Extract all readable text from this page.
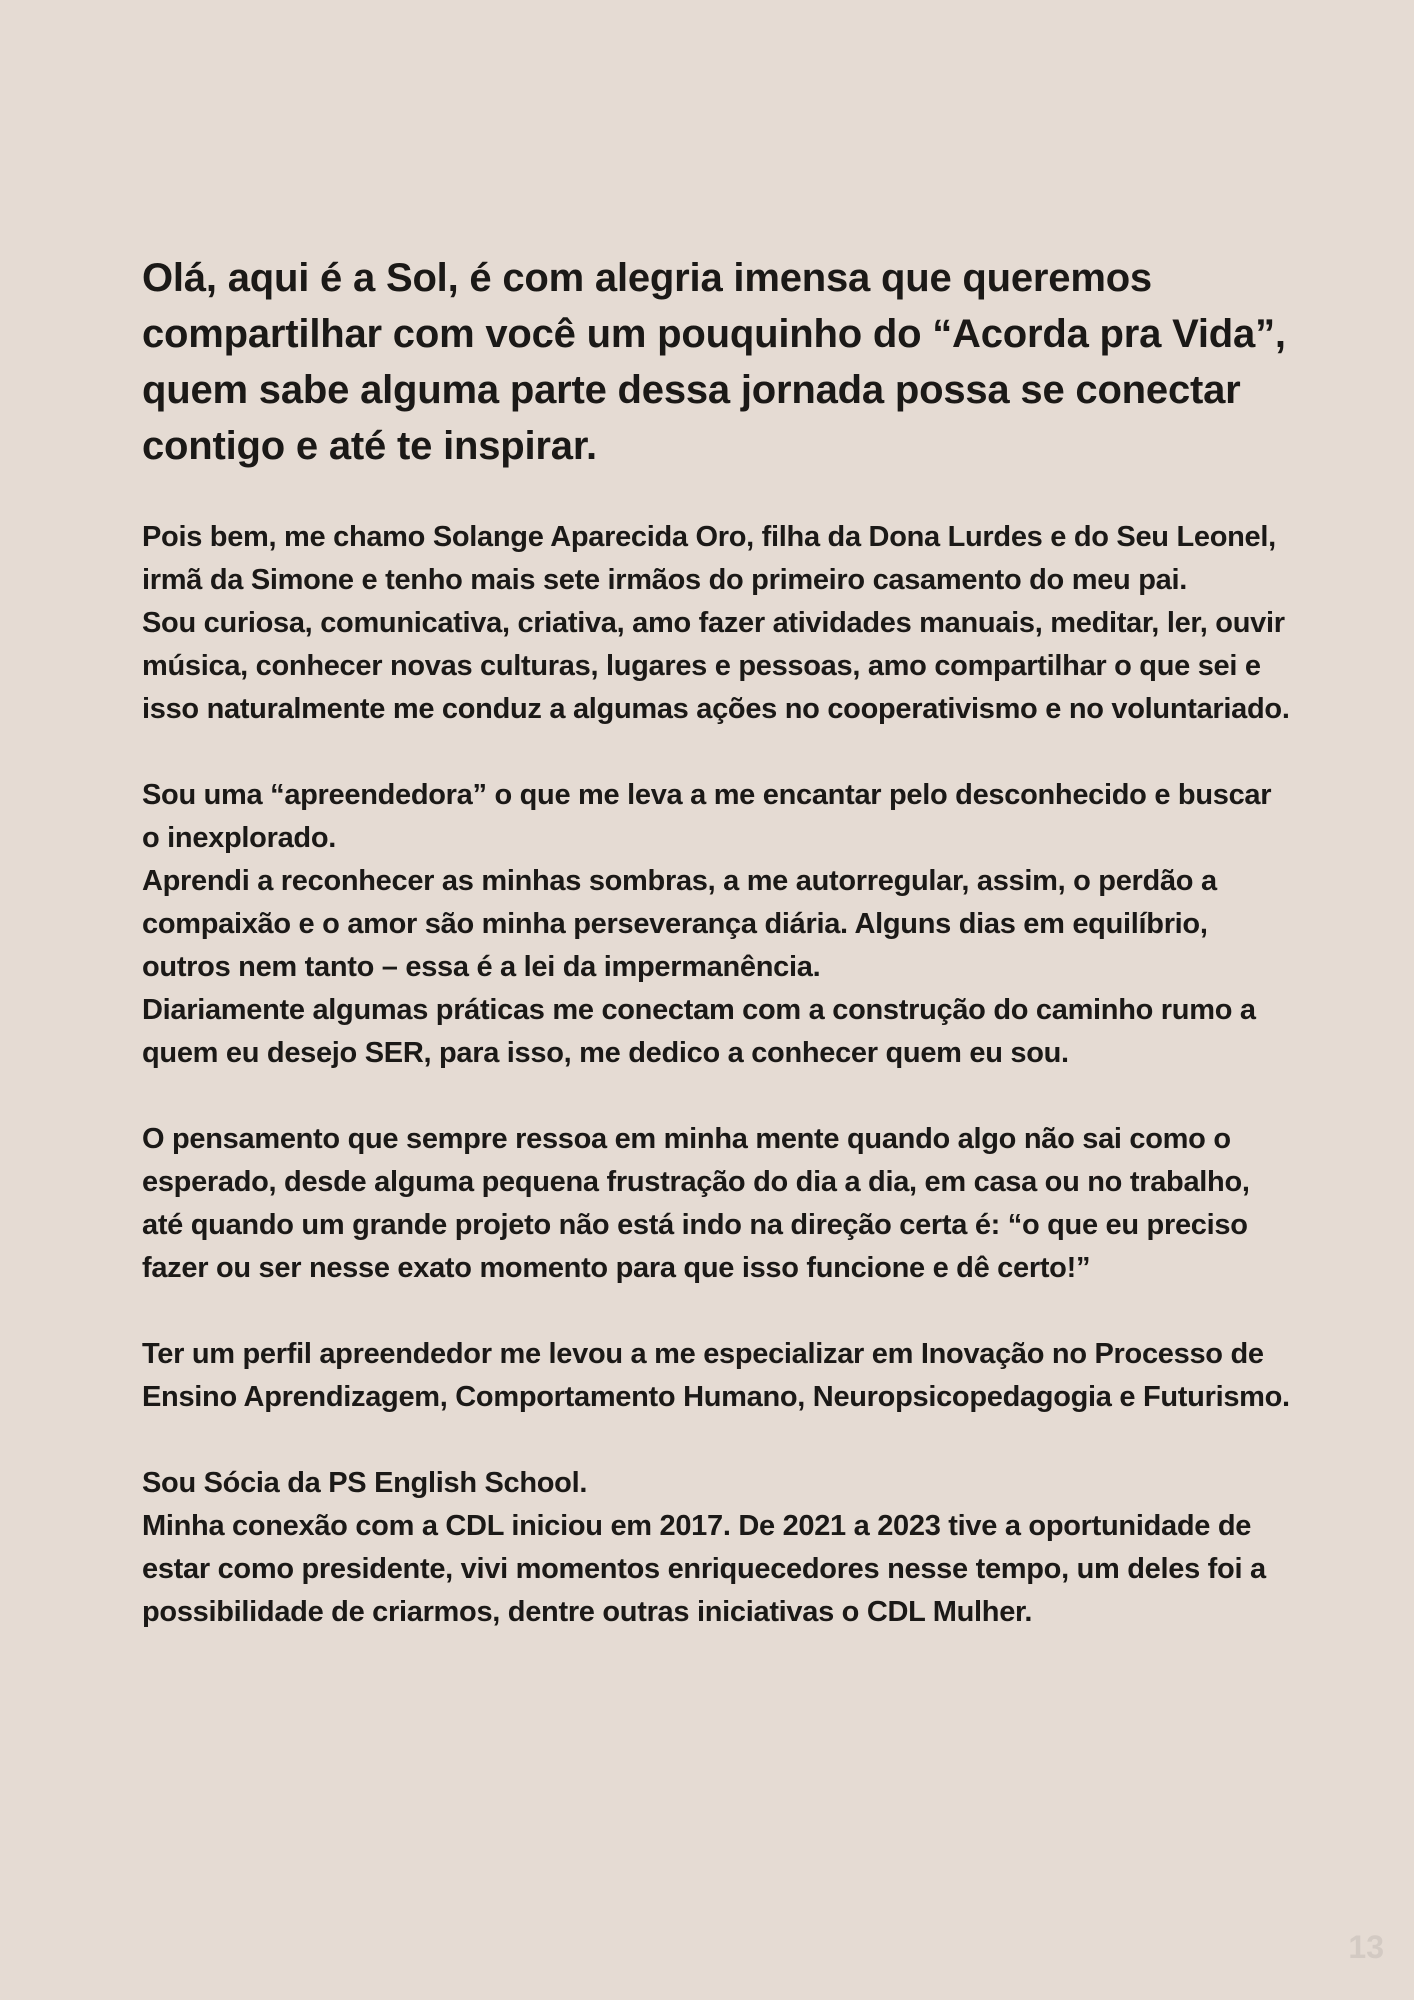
Olá, aqui é a Sol, é com alegria imensa que queremos compartilhar com você um pouquinho do “Acorda pra Vida”, quem sabe alguma parte dessa jornada possa se conectar contigo e até te inspirar.

Pois bem, me chamo Solange Aparecida Oro, filha da Dona Lurdes e do Seu Leonel, irmã da Simone e tenho mais sete irmãos do primeiro casamento do meu pai.

Sou curiosa, comunicativa, criativa, amo fazer atividades manuais, meditar, ler, ouvir música, conhecer novas culturas, lugares e pessoas, amo compartilhar o que sei e isso naturalmente me conduz a algumas ações no cooperativismo e no voluntariado.

Sou uma “apreendedora” o que me leva a me encantar pelo desconhecido e buscar o inexplorado.

Aprendi a reconhecer as minhas sombras, a me autorregular, assim, o perdão a compaixão e o amor são minha perseverança diária. Alguns dias em equilíbrio, outros nem tanto – essa é a lei da impermanência.

Diariamente algumas práticas me conectam com a construção do caminho rumo a quem eu desejo SER, para isso, me dedico a conhecer quem eu sou.

O pensamento que sempre ressoa em minha mente quando algo não sai como o esperado, desde alguma pequena frustração do dia a dia, em casa ou no trabalho, até quando um grande projeto não está indo na direção certa é: “o que eu preciso fazer ou ser nesse exato momento para que isso funcione e dê certo!”

Ter um perfil apreendedor me levou a me especializar em Inovação no Processo de Ensino Aprendizagem, Comportamento Humano, Neuropsicopedagogia e Futurismo.

Sou Sócia da PS English School.

Minha conexão com a CDL iniciou em 2017. De 2021 a 2023 tive a oportunidade de estar como presidente, vivi momentos enriquecedores nesse tempo, um deles foi a possibilidade de criarmos, dentre outras iniciativas o CDL Mulher.

13
